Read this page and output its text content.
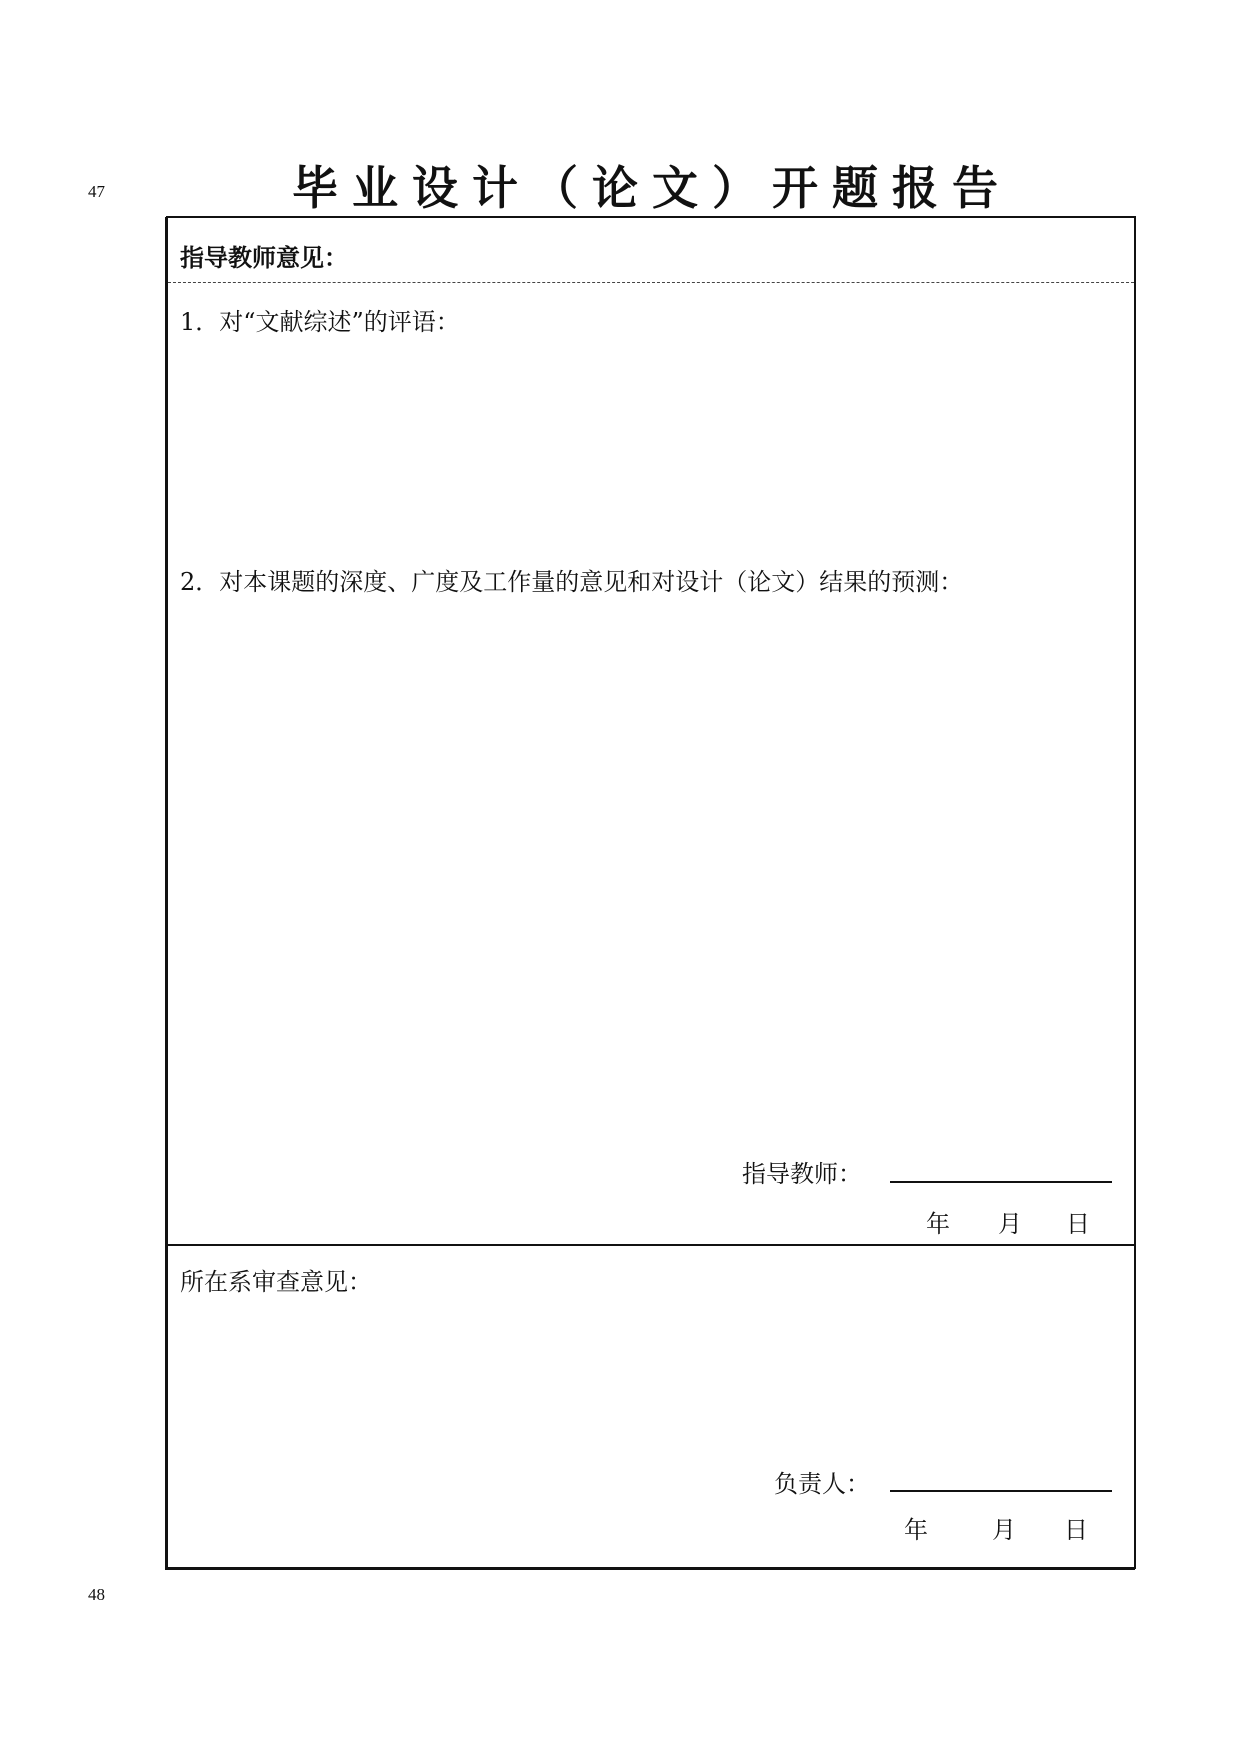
47	毕业设计（论文）开题报告
指导教师意见：
1．对“文献综述”的评语：
2．对本课题的深度、广度及工作量的意见和对设计（论文）结果的预测：
指导教师：
年 月 日
所在系审查意见：
负责人：
年	月 日
48
